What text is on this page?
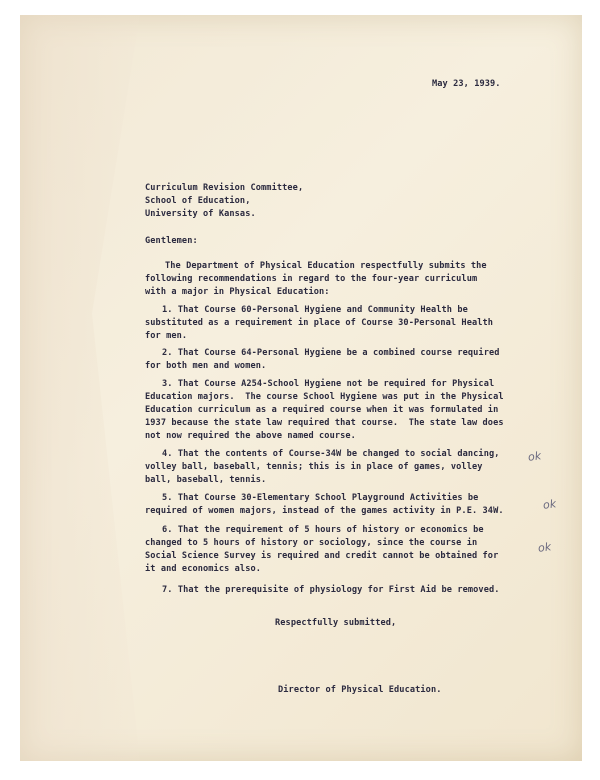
May 23, 1939.
Curriculum Revision Committee,
School of Education,
University of Kansas.
Gentlemen:
The Department of Physical Education respectfully submits the
following recommendations in regard to the four-year curriculum
with a major in Physical Education:
1. That Course 60-Personal Hygiene and Community Health be
substituted as a requirement in place of Course 30-Personal Health
for men.
2. That Course 64-Personal Hygiene be a combined course required
for both men and women.
3. That Course A254-School Hygiene not be required for Physical
Education majors.  The course School Hygiene was put in the Physical
Education curriculum as a required course when it was formulated in
1937 because the state law required that course.  The state law does
not now required the above named course.
4. That the contents of Course-34W be changed to social dancing,
volley ball, baseball, tennis; this is in place of games, volley
ball, baseball, tennis.
5. That Course 30-Elementary School Playground Activities be
required of women majors, instead of the games activity in P.E. 34W.
6. That the requirement of 5 hours of history or economics be
changed to 5 hours of history or sociology, since the course in
Social Science Survey is required and credit cannot be obtained for
it and economics also.
7. That the prerequisite of physiology for First Aid be removed.
Respectfully submitted,
Director of Physical Education.
ok
ok
ok
